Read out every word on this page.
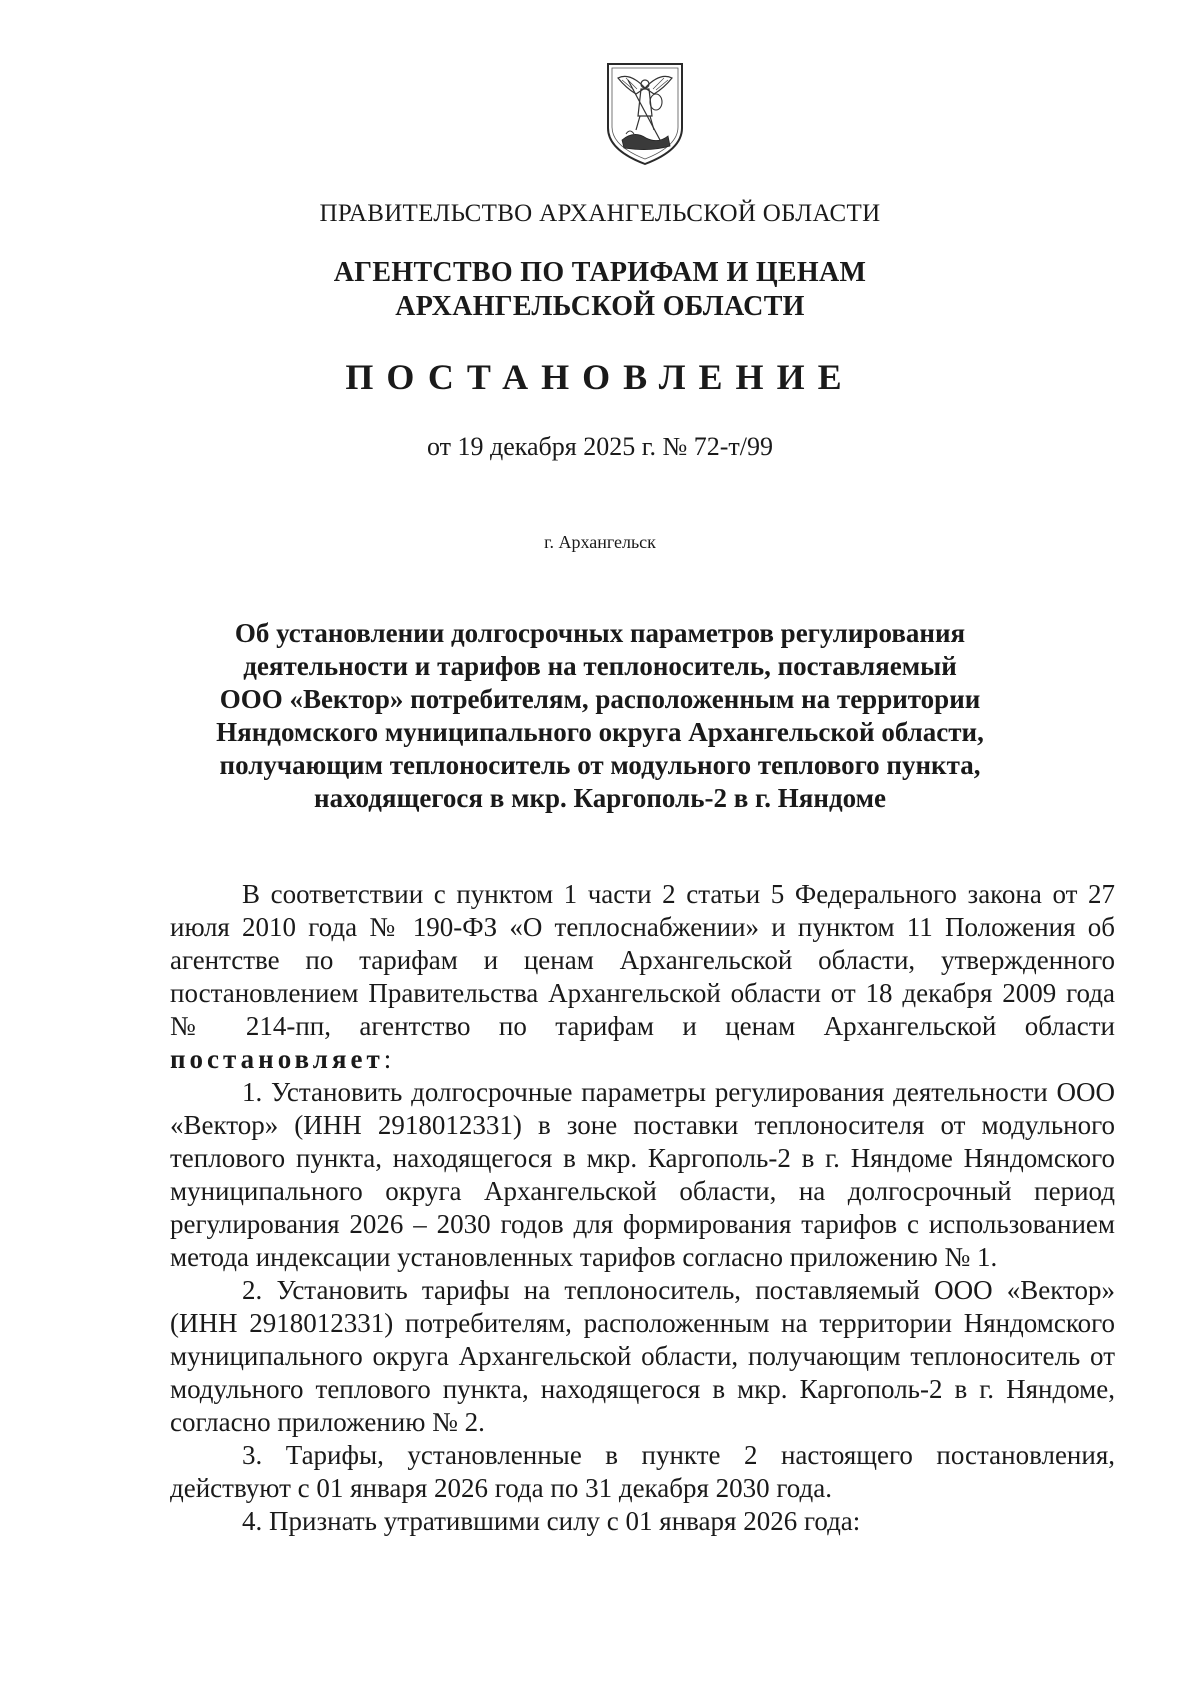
ПРАВИТЕЛЬСТВО АРХАНГЕЛЬСКОЙ ОБЛАСТИ
АГЕНТСТВО ПО ТАРИФАМ И ЦЕНАМ
АРХАНГЕЛЬСКОЙ ОБЛАСТИ
ПОСТАНОВЛЕНИЕ
от 19 декабря 2025 г. № 72-т/99
г. Архангельск
Об установлении долгосрочных параметров регулирования
деятельности и тарифов на теплоноситель, поставляемый
ООО «Вектор» потребителям, расположенным на территории
Няндомского муниципального округа Архангельской области,
получающим теплоноситель от модульного теплового пункта,
находящегося в мкр. Каргополь-2 в г. Няндоме

В соответствии с пунктом 1 части 2 статьи 5 Федерального закона от 27 июля 2010 года № 190-ФЗ «О теплоснабжении» и пунктом 11 Положения об агентстве по тарифам и ценам Архангельской области, утвержденного постановлением Правительства Архангельской области от 18 декабря 2009 года № 214-пп, агентство по тарифам и ценам Архангельской области постановляет:

1. Установить долгосрочные параметры регулирования деятельности ООО «Вектор» (ИНН 2918012331) в зоне поставки теплоносителя от модульного теплового пункта, находящегося в мкр. Каргополь-2 в г. Няндоме Няндомского муниципального округа Архангельской области, на долгосрочный период регулирования 2026 – 2030 годов для формирования тарифов с использованием метода индексации установленных тарифов согласно приложению № 1.

2. Установить тарифы на теплоноситель, поставляемый ООО «Вектор» (ИНН 2918012331) потребителям, расположенным на территории Няндомского муниципального округа Архангельской области, получающим теплоноситель от модульного теплового пункта, находящегося в мкр. Каргополь-2 в г. Няндоме, согласно приложению № 2.

3. Тарифы, установленные в пункте 2 настоящего постановления, действуют с 01 января 2026 года по 31 декабря 2030 года.

4. Признать утратившими силу с 01 января 2026 года:
